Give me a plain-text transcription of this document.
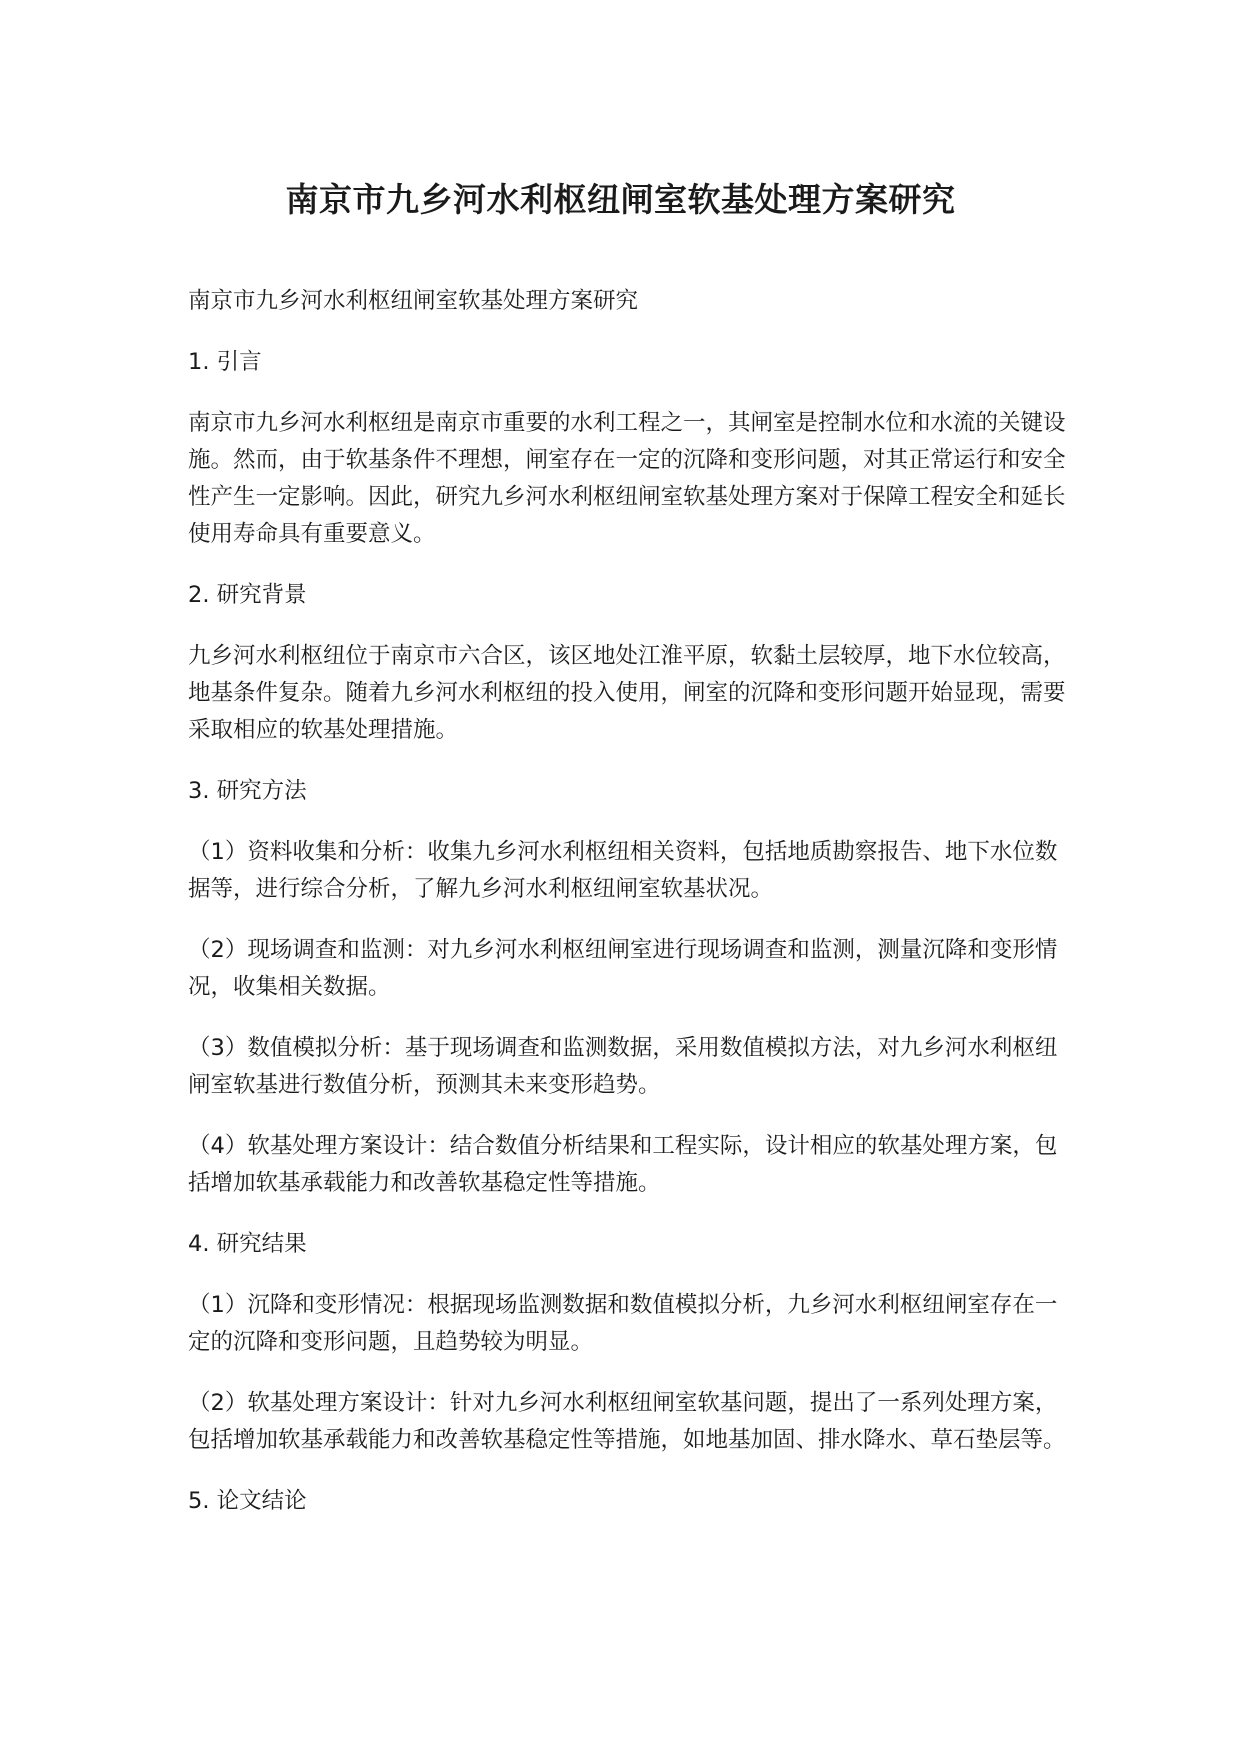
南京市九乡河水利枢纽闸室软基处理方案研究

南京市九乡河水利枢纽闸室软基处理方案研究

1. 引言

南京市九乡河水利枢纽是南京市重要的水利工程之一，其闸室是控制水位和水流的关键设施。然而，由于软基条件不理想，闸室存在一定的沉降和变形问题，对其正常运行和安全性产生一定影响。因此，研究九乡河水利枢纽闸室软基处理方案对于保障工程安全和延长使用寿命具有重要意义。

2. 研究背景

九乡河水利枢纽位于南京市六合区，该区地处江淮平原，软黏土层较厚，地下水位较高，地基条件复杂。随着九乡河水利枢纽的投入使用，闸室的沉降和变形问题开始显现，需要采取相应的软基处理措施。

3. 研究方法

（1）资料收集和分析：收集九乡河水利枢纽相关资料，包括地质勘察报告、地下水位数据等，进行综合分析，了解九乡河水利枢纽闸室软基状况。

（2）现场调查和监测：对九乡河水利枢纽闸室进行现场调查和监测，测量沉降和变形情况，收集相关数据。

（3）数值模拟分析：基于现场调查和监测数据，采用数值模拟方法，对九乡河水利枢纽闸室软基进行数值分析，预测其未来变形趋势。

（4）软基处理方案设计：结合数值分析结果和工程实际，设计相应的软基处理方案，包括增加软基承载能力和改善软基稳定性等措施。

4. 研究结果

（1）沉降和变形情况：根据现场监测数据和数值模拟分析，九乡河水利枢纽闸室存在一定的沉降和变形问题，且趋势较为明显。

（2）软基处理方案设计：针对九乡河水利枢纽闸室软基问题，提出了一系列处理方案，包括增加软基承载能力和改善软基稳定性等措施，如地基加固、排水降水、草石垫层等。

5. 论文结论
